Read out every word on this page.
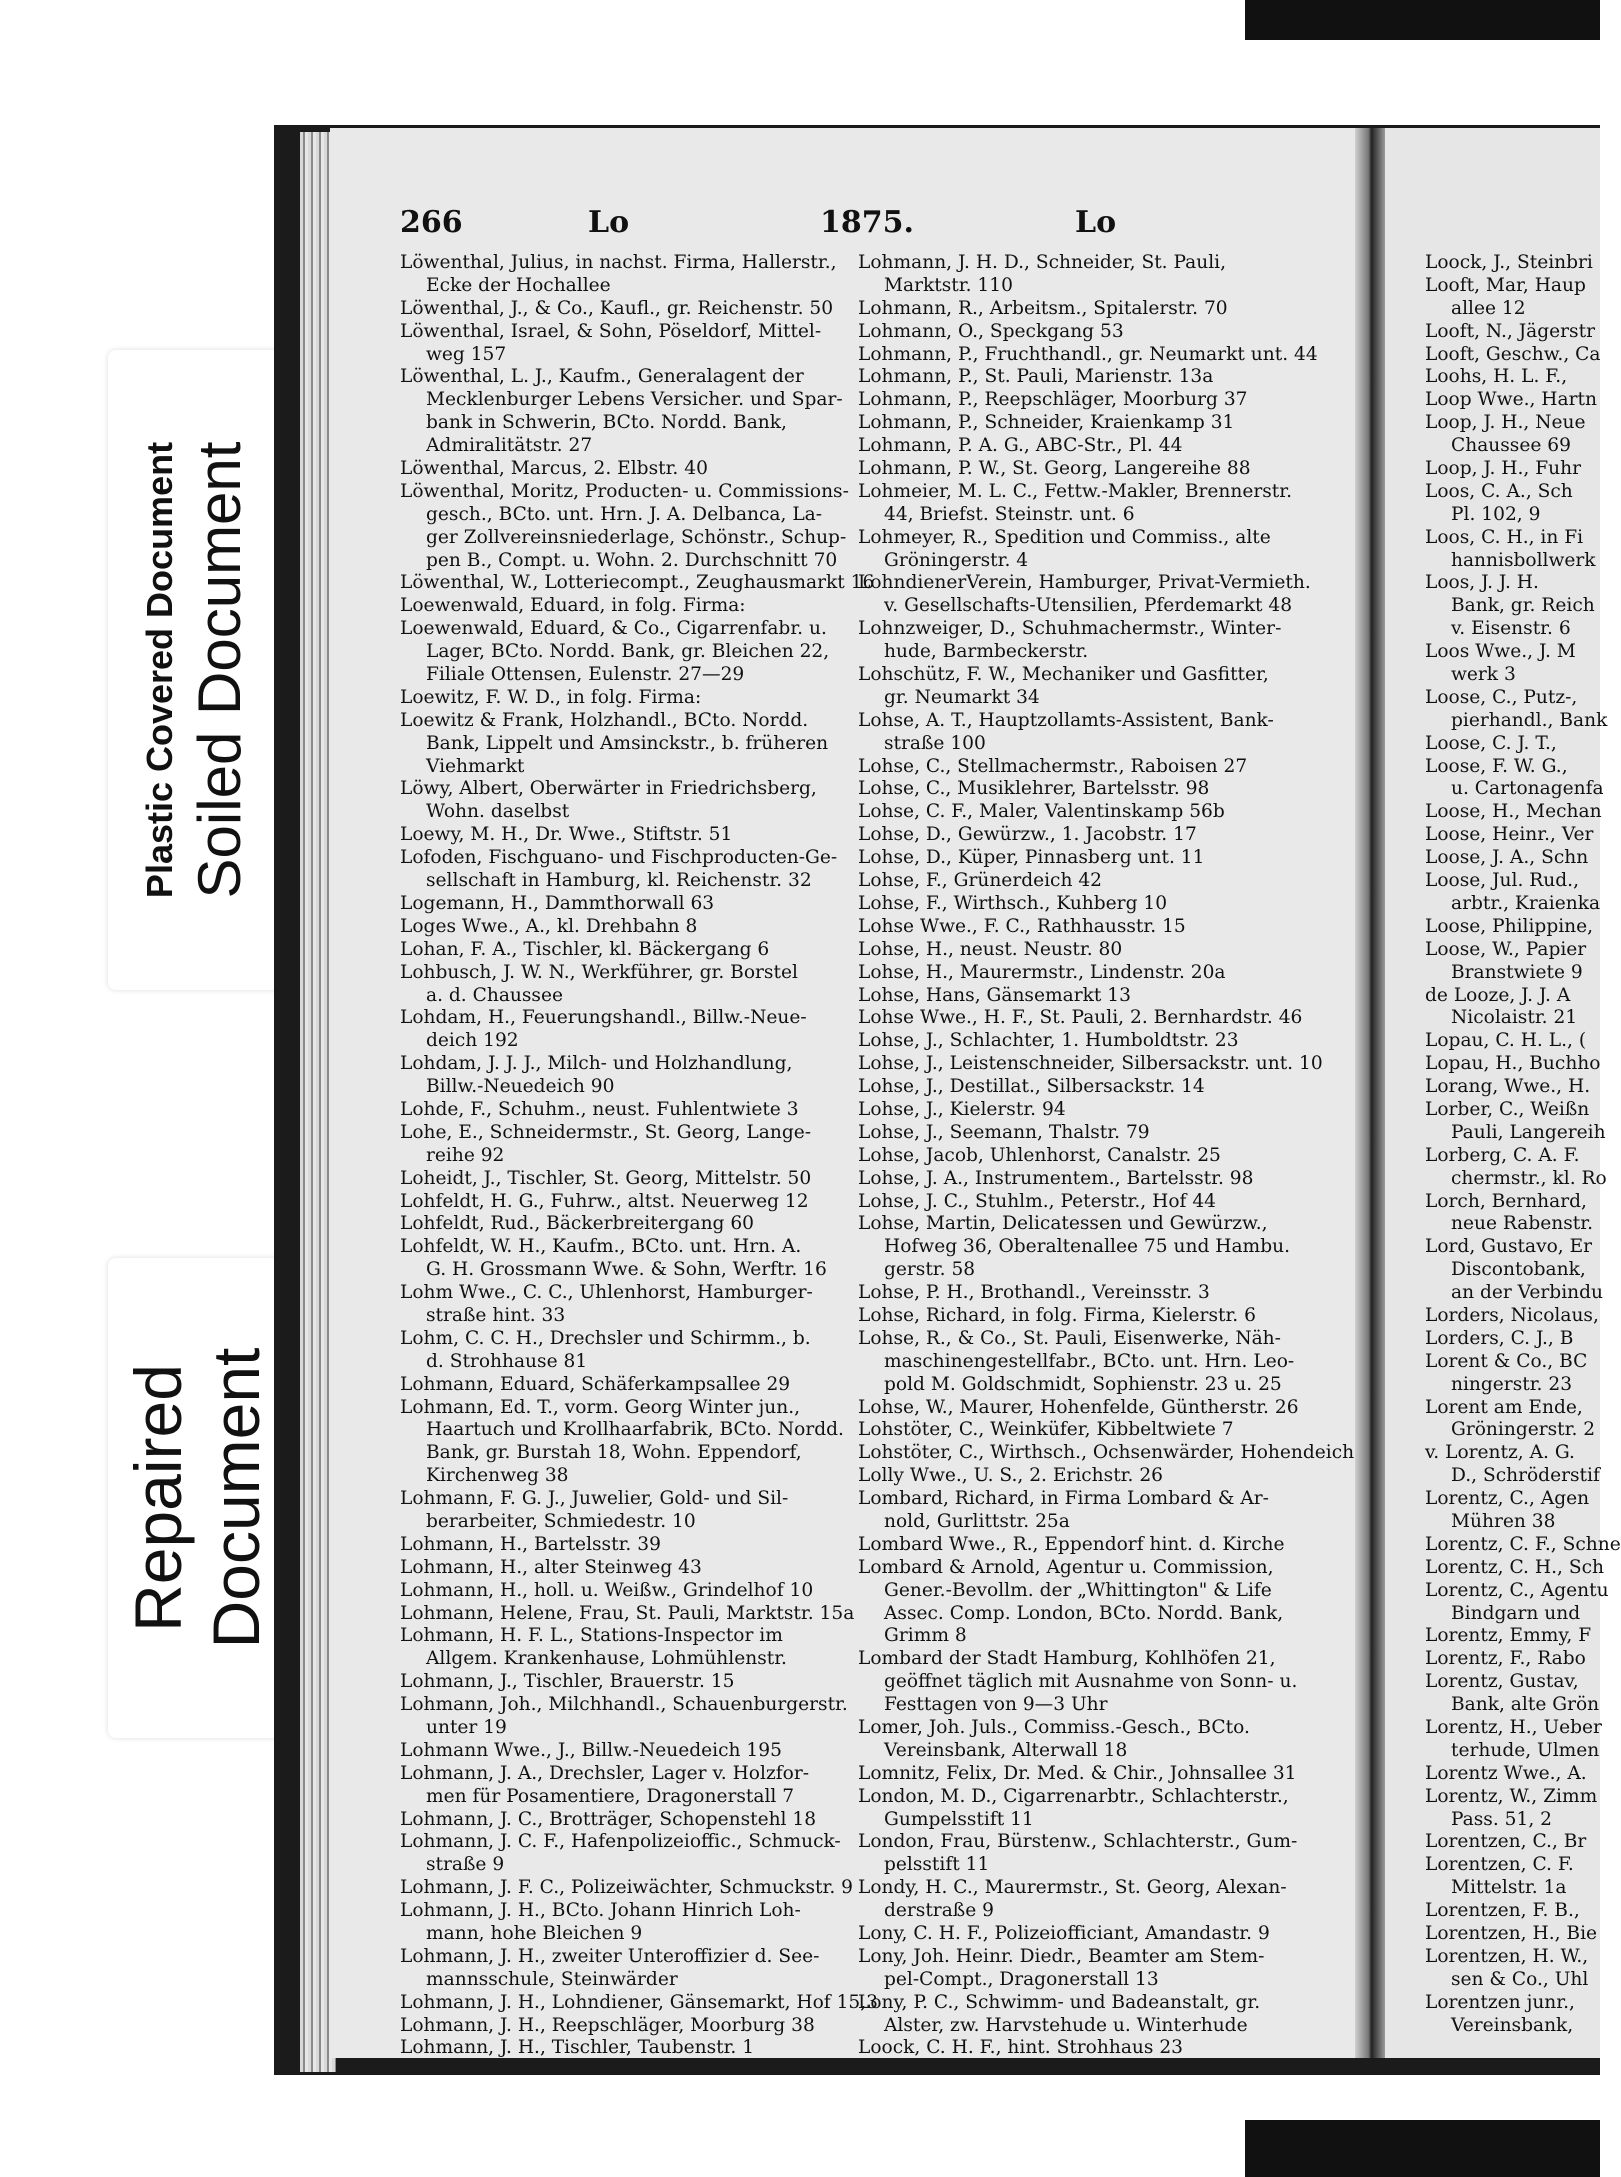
Plastic Covered Document Soiled Document
Repaired Document
266	Lo	1875.	Lo
Löwenthal, Julius, in nachst. Firma, Hallerstr.,
Ecke der Hochallee
Löwenthal, J., & Co., Kaufl., gr. Reichenstr. 50
Löwenthal, Israel, & Sohn, Pöseldorf, Mittel-
weg 157
Löwenthal, L. J., Kaufm., Generalagent der
Mecklenburger Lebens Versicher. und Spar-
bank in Schwerin, BCto. Nordd. Bank,
Admiralitätstr. 27
Löwenthal, Marcus, 2. Elbstr. 40
Löwenthal, Moritz, Producten- u. Commissions-
gesch., BCto. unt. Hrn. J. A. Delbanca, La-
ger Zollvereinsniederlage, Schönstr., Schup-
pen B., Compt. u. Wohn. 2. Durchschnitt 70
Löwenthal, W., Lotteriecompt., Zeughausmarkt 16
Loewenwald, Eduard, in folg. Firma:
Loewenwald, Eduard, & Co., Cigarrenfabr. u.
Lager, BCto. Nordd. Bank, gr. Bleichen 22,
Filiale Ottensen, Eulenstr. 27—29
Loewitz, F. W. D., in folg. Firma:
Loewitz & Frank, Holzhandl., BCto. Nordd.
Bank, Lippelt und Amsinckstr., b. früheren
Viehmarkt
Löwy, Albert, Oberwärter in Friedrichsberg,
Wohn. daselbst
Loewy, M. H., Dr. Wwe., Stiftstr. 51
Lofoden, Fischguano- und Fischproducten-Ge-
sellschaft in Hamburg, kl. Reichenstr. 32
Logemann, H., Dammthorwall 63
Loges Wwe., A., kl. Drehbahn 8
Lohan, F. A., Tischler, kl. Bäckergang 6
Lohbusch, J. W. N., Werkführer, gr. Borstel
a. d. Chaussee
Lohdam, H., Feuerungshandl., Billw.-Neue-
deich 192
Lohdam, J. J. J., Milch- und Holzhandlung,
Billw.-Neuedeich 90
Lohde, F., Schuhm., neust. Fuhlentwiete 3
Lohe, E., Schneidermstr., St. Georg, Lange-
reihe 92
Loheidt, J., Tischler, St. Georg, Mittelstr. 50
Lohfeldt, H. G., Fuhrw., altst. Neuerweg 12
Lohfeldt, Rud., Bäckerbreitergang 60
Lohfeldt, W. H., Kaufm., BCto. unt. Hrn. A.
G. H. Grossmann Wwe. & Sohn, Werftr. 16
Lohm Wwe., C. C., Uhlenhorst, Hamburger-
straße hint. 33
Lohm, C. C. H., Drechsler und Schirmm., b.
d. Strohhause 81
Lohmann, Eduard, Schäferkampsallee 29
Lohmann, Ed. T., vorm. Georg Winter jun.,
Haartuch und Krollhaarfabrik, BCto. Nordd.
Bank, gr. Burstah 18, Wohn. Eppendorf,
Kirchenweg 38
Lohmann, F. G. J., Juwelier, Gold- und Sil-
berarbeiter, Schmiedestr. 10
Lohmann, H., Bartelsstr. 39
Lohmann, H., alter Steinweg 43
Lohmann, H., holl. u. Weißw., Grindelhof 10
Lohmann, Helene, Frau, St. Pauli, Marktstr. 15a
Lohmann, H. F. L., Stations-Inspector im
Allgem. Krankenhause, Lohmühlenstr.
Lohmann, J., Tischler, Brauerstr. 15
Lohmann, Joh., Milchhandl., Schauenburgerstr.
unter 19
Lohmann Wwe., J., Billw.-Neuedeich 195
Lohmann, J. A., Drechsler, Lager v. Holzfor-
men für Posamentiere, Dragonerstall 7
Lohmann, J. C., Brotträger, Schopenstehl 18
Lohmann, J. C. F., Hafenpolizeioffic., Schmuck-
straße 9
Lohmann, J. F. C., Polizeiwächter, Schmuckstr. 9
Lohmann, J. H., BCto. Johann Hinrich Loh-
mann, hohe Bleichen 9
Lohmann, J. H., zweiter Unteroffizier d. See-
mannsschule, Steinwärder
Lohmann, J. H., Lohndiener, Gänsemarkt, Hof 15,3
Lohmann, J. H., Reepschläger, Moorburg 38
Lohmann, J. H., Tischler, Taubenstr. 1
Lohmann, J. H. D., Schneider, St. Pauli,
Marktstr. 110
Lohmann, R., Arbeitsm., Spitalerstr. 70
Lohmann, O., Speckgang 53
Lohmann, P., Fruchthandl., gr. Neumarkt unt. 44
Lohmann, P., St. Pauli, Marienstr. 13a
Lohmann, P., Reepschläger, Moorburg 37
Lohmann, P., Schneider, Kraienkamp 31
Lohmann, P. A. G., ABC-Str., Pl. 44
Lohmann, P. W., St. Georg, Langereihe 88
Lohmeier, M. L. C., Fettw.-Makler, Brennerstr.
44, Briefst. Steinstr. unt. 6
Lohmeyer, R., Spedition und Commiss., alte
Gröningerstr. 4
LohndienerVerein, Hamburger, Privat-Vermieth.
v. Gesellschafts-Utensilien, Pferdemarkt 48
Lohnzweiger, D., Schuhmachermstr., Winter-
hude, Barmbeckerstr.
Lohschütz, F. W., Mechaniker und Gasfitter,
gr. Neumarkt 34
Lohse, A. T., Hauptzollamts-Assistent, Bank-
straße 100
Lohse, C., Stellmachermstr., Raboisen 27
Lohse, C., Musiklehrer, Bartelsstr. 98
Lohse, C. F., Maler, Valentinskamp 56b
Lohse, D., Gewürzw., 1. Jacobstr. 17
Lohse, D., Küper, Pinnasberg unt. 11
Lohse, F., Grünerdeich 42
Lohse, F., Wirthsch., Kuhberg 10
Lohse Wwe., F. C., Rathhausstr. 15
Lohse, H., neust. Neustr. 80
Lohse, H., Maurermstr., Lindenstr. 20a
Lohse, Hans, Gänsemarkt 13
Lohse Wwe., H. F., St. Pauli, 2. Bernhardstr. 46
Lohse, J., Schlachter, 1. Humboldtstr. 23
Lohse, J., Leistenschneider, Silbersackstr. unt. 10
Lohse, J., Destillat., Silbersackstr. 14
Lohse, J., Kielerstr. 94
Lohse, J., Seemann, Thalstr. 79
Lohse, Jacob, Uhlenhorst, Canalstr. 25
Lohse, J. A., Instrumentem., Bartelsstr. 98
Lohse, J. C., Stuhlm., Peterstr., Hof 44
Lohse, Martin, Delicatessen und Gewürzw.,
Hofweg 36, Oberaltenallee 75 und Hambu.
gerstr. 58
Lohse, P. H., Brothandl., Vereinsstr. 3
Lohse, Richard, in folg. Firma, Kielerstr. 6
Lohse, R., & Co., St. Pauli, Eisenwerke, Näh-
maschinengestellfabr., BCto. unt. Hrn. Leo-
pold M. Goldschmidt, Sophienstr. 23 u. 25
Lohse, W., Maurer, Hohenfelde, Güntherstr. 26
Lohstöter, C., Weinküfer, Kibbeltwiete 7
Lohstöter, C., Wirthsch., Ochsenwärder, Hohendeich
Lolly Wwe., U. S., 2. Erichstr. 26
Lombard, Richard, in Firma Lombard & Ar-
nold, Gurlittstr. 25a
Lombard Wwe., R., Eppendorf hint. d. Kirche
Lombard & Arnold, Agentur u. Commission,
Gener.-Bevollm. der „Whittington" & Life
Assec. Comp. London, BCto. Nordd. Bank,
Grimm 8
Lombard der Stadt Hamburg, Kohlhöfen 21,
geöffnet täglich mit Ausnahme von Sonn- u.
Festtagen von 9—3 Uhr
Lomer, Joh. Juls., Commiss.-Gesch., BCto.
Vereinsbank, Alterwall 18
Lomnitz, Felix, Dr. Med. & Chir., Johnsallee 31
London, M. D., Cigarrenarbtr., Schlachterstr.,
Gumpelsstift 11
London, Frau, Bürstenw., Schlachterstr., Gum-
pelsstift 11
Londy, H. C., Maurermstr., St. Georg, Alexan-
derstraße 9
Lony, C. H. F., Polizeiofficiant, Amandastr. 9
Lony, Joh. Heinr. Diedr., Beamter am Stem-
pel-Compt., Dragonerstall 13
Lony, P. C., Schwimm- und Badeanstalt, gr.
Alster, zw. Harvstehude u. Winterhude
Loock, C. H. F., hint. Strohhaus 23
Loock, J., Steinbri
Looft, Mar, Haup
allee 12
Looft, N., Jägerstr
Looft, Geschw., Ca
Loohs, H. L. F.,
Loop Wwe., Hartn
Loop, J. H., Neue
Chaussee 69
Loop, J. H., Fuhr
Loos, C. A., Sch
Pl. 102, 9
Loos, C. H., in Fi
hannisbollwerk
Loos, J. J. H.
Bank, gr. Reich
v. Eisenstr. 6
Loos Wwe., J. M
werk 3
Loose, C., Putz-,
pierhandl., Bank
Loose, C. J. T.,
Loose, F. W. G.,
u. Cartonagenfa
Loose, H., Mechan
Loose, Heinr., Ver
Loose, J. A., Schn
Loose, Jul. Rud.,
arbtr., Kraienka
Loose, Philippine,
Loose, W., Papier
Branstwiete 9
de Looze, J. J. A
Nicolaistr. 21
Lopau, C. H. L., (
Lopau, H., Buchho
Lorang, Wwe., H.
Lorber, C., Weißn
Pauli, Langereih
Lorberg, C. A. F.
chermstr., kl. Ro
Lorch, Bernhard,
neue Rabenstr.
Lord, Gustavo, Er
Discontobank,
an der Verbindu
Lorders, Nicolaus,
Lorders, C. J., B
Lorent & Co., BC
ningerstr. 23
Lorent am Ende,
Gröningerstr. 2
v. Lorentz, A. G.
D., Schröderstif
Lorentz, C., Agen
Mühren 38
Lorentz, C. F., Schne
Lorentz, C. H., Sch
Lorentz, C., Agentu
Bindgarn und
Lorentz, Emmy, F
Lorentz, F., Rabo
Lorentz, Gustav,
Bank, alte Grön
Lorentz, H., Ueber
terhude, Ulmen
Lorentz Wwe., A.
Lorentz, W., Zimm
Pass. 51, 2
Lorentzen, C., Br
Lorentzen, C. F.
Mittelstr. 1a
Lorentzen, F. B.,
Lorentzen, H., Bie
Lorentzen, H. W.,
sen & Co., Uhl
Lorentzen junr.,
Vereinsbank,
